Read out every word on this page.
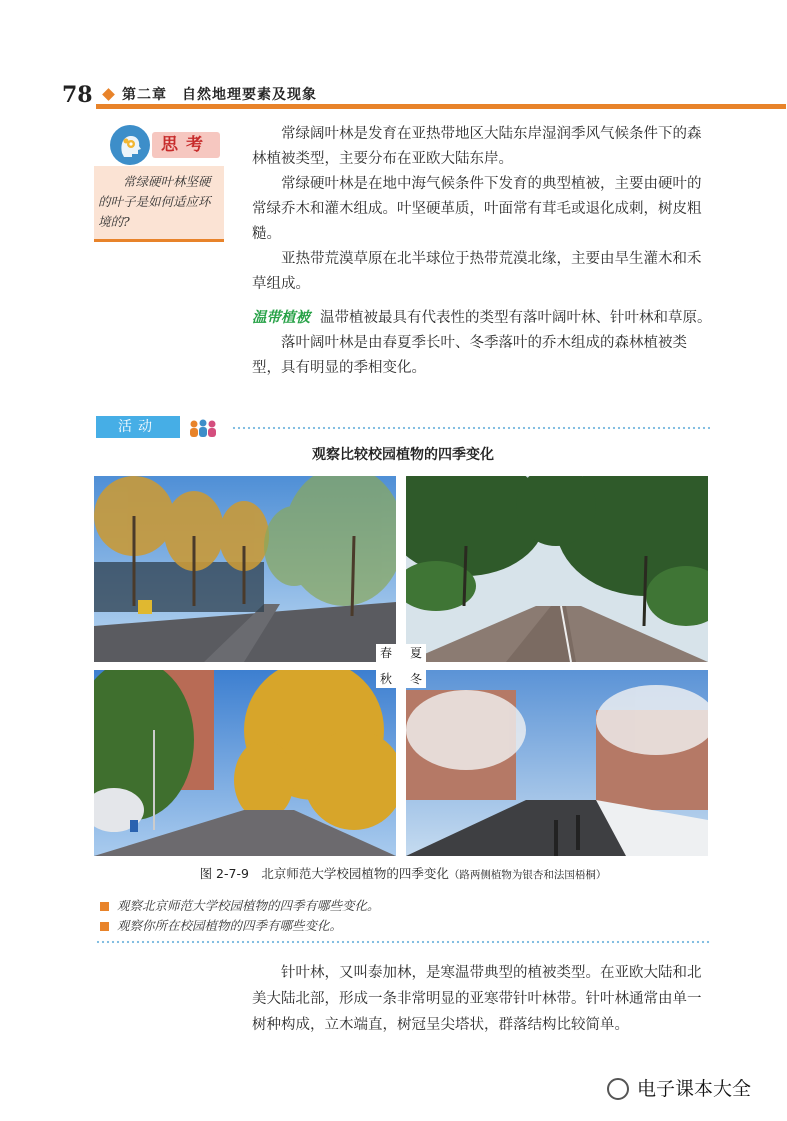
78 第二章　自然地理要素及现象
思考

常绿硬叶林坚硬的叶子是如何适应环境的?

常绿阔叶林是发育在亚热带地区大陆东岸湿润季风气候条件下的森林植被类型，主要分布在亚欧大陆东岸。

常绿硬叶林是在地中海气候条件下发育的典型植被，主要由硬叶的常绿乔木和灌木组成。叶坚硬革质，叶面常有茸毛或退化成刺，树皮粗糙。

亚热带荒漠草原在北半球位于热带荒漠北缘，主要由旱生灌木和禾草组成。

温带植被 温带植被最具有代表性的类型有落叶阔叶林、针叶林和草原。

落叶阔叶林是由春夏季长叶、冬季落叶的乔木组成的森林植被类型，具有明显的季相变化。

活动
观察比较校园植物的四季变化
春	夏
秋	冬
图 2-7-9　北京师范大学校园植物的四季变化（路两侧植物为银杏和法国梧桐）
观察北京师范大学校园植物的四季有哪些变化。
观察你所在校园植物的四季有哪些变化。

针叶林，又叫泰加林，是寒温带典型的植被类型。在亚欧大陆和北美大陆北部，形成一条非常明显的亚寒带针叶林带。针叶林通常由单一树种构成，立木端直，树冠呈尖塔状，群落结构比较简单。

电子课本大全
